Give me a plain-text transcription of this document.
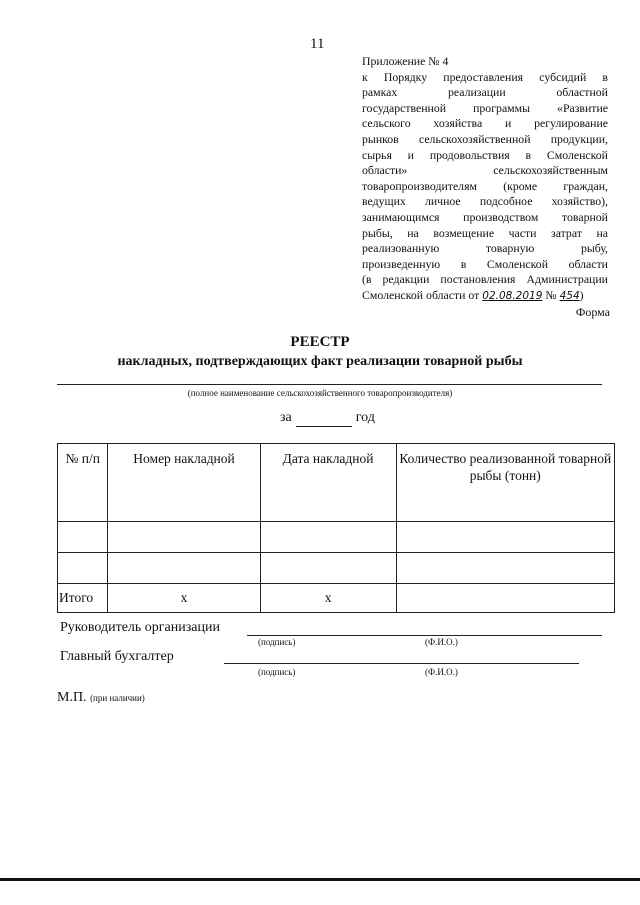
11
Приложение № 4
к Порядку предоставления субсидий в
рамках реализации областной
государственной программы «Развитие
сельского хозяйства и регулирование
рынков сельскохозяйственной продукции,
сырья и продовольствия в Смоленской
области» сельскохозяйственным
товаропроизводителям (кроме граждан,
ведущих личное подсобное хозяйство),
занимающимся производством товарной
рыбы, на возмещение части затрат на
реализованную товарную рыбу,
произведенную в Смоленской области
(в редакции постановления Администрации
Смоленской области от 02.08.2019 № 454)
Форма
РЕЕСТР
накладных, подтверждающих факт реализации товарной рыбы
(полное наименование сельскохозяйственного товаропроизводителя)
за	год
№ п/п	Номер накладной	Дата накладной	Количество реализованной товарной рыбы (тонн)

Итого	х	х	
Руководитель организации
(подпись)	(Ф.И.О.)
Главный бухгалтер
(подпись)	(Ф.И.О.)
М.П. (при наличии)
